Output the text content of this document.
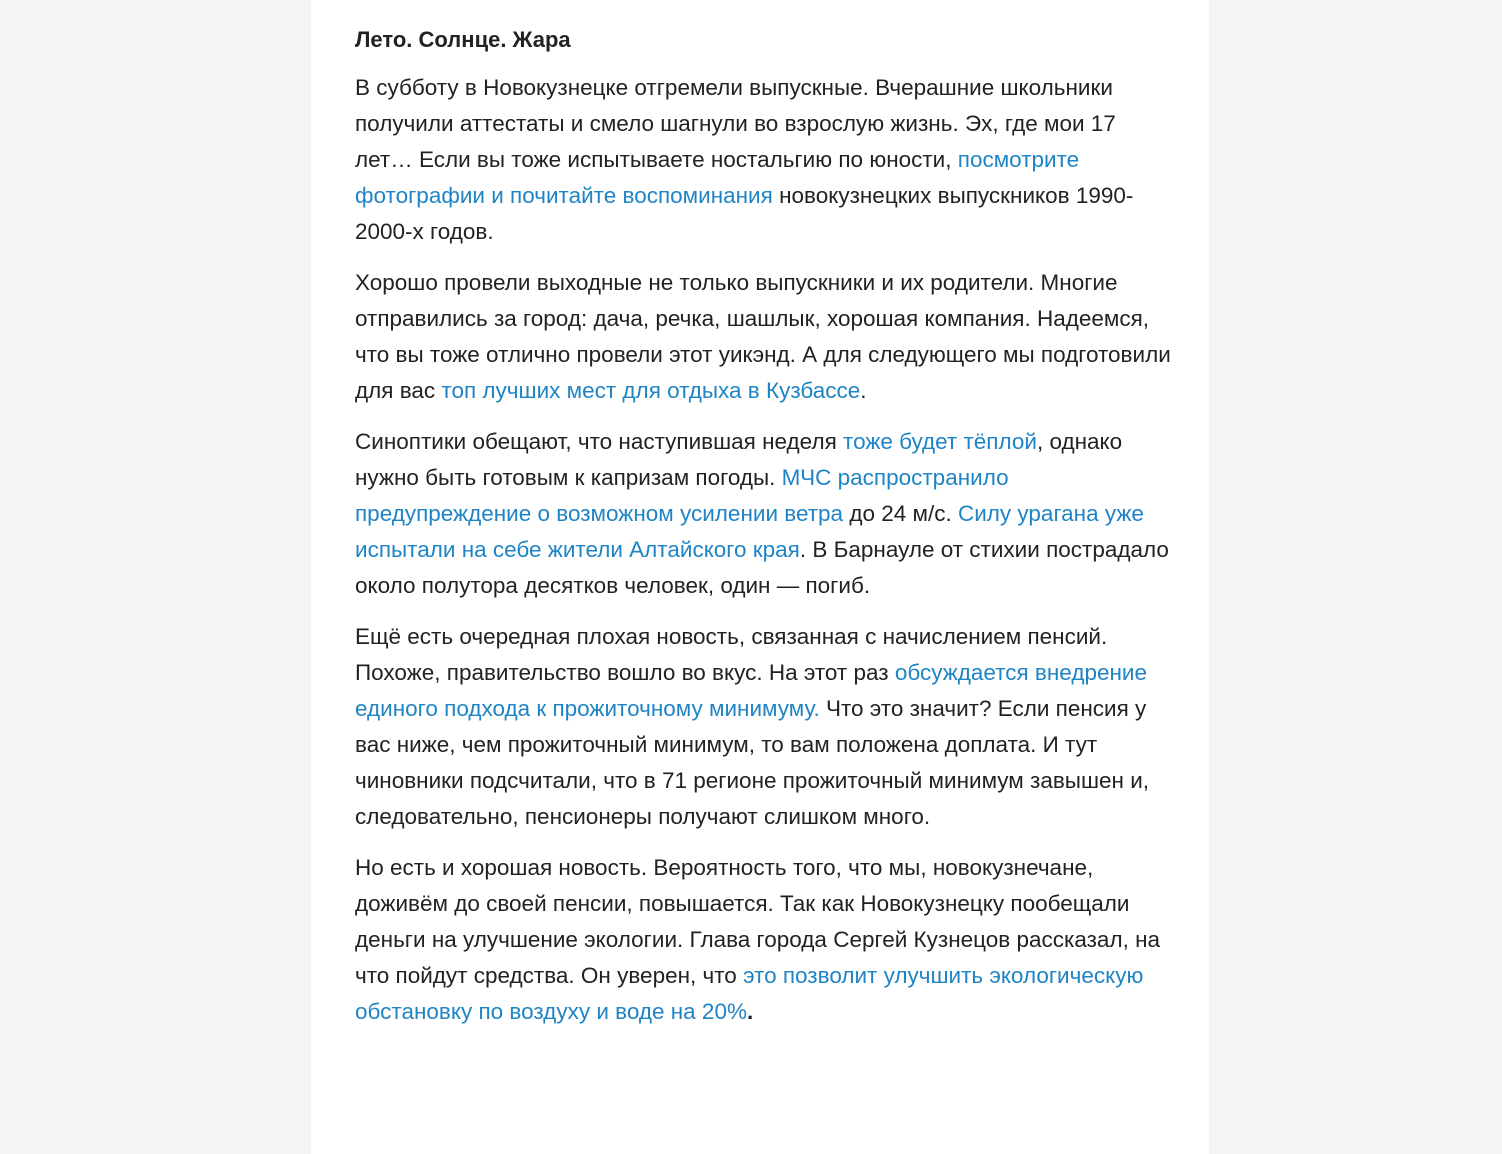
Лето. Солнце. Жара

В субботу в Новокузнецке отгремели выпускные. Вчерашние школьники получили аттестаты и смело шагнули во взрослую жизнь. Эх, где мои 17 лет… Если вы тоже испытываете ностальгию по юности, посмотрите фотографии и почитайте воспоминания новокузнецких выпускников 1990-2000-х годов.

Хорошо провели выходные не только выпускники и их родители. Многие отправились за город: дача, речка, шашлык, хорошая компания. Надеемся, что вы тоже отлично провели этот уикэнд. А для следующего мы подготовили для вас топ лучших мест для отдыха в Кузбассе.

Синоптики обещают, что наступившая неделя тоже будет тёплой, однако нужно быть готовым к капризам погоды. МЧС распространило предупреждение о возможном усилении ветра до 24 м/с. Силу урагана уже испытали на себе жители Алтайского края. В Барнауле от стихии пострадало около полутора десятков человек, один — погиб.

Ещё есть очередная плохая новость, связанная с начислением пенсий. Похоже, правительство вошло во вкус. На этот раз обсуждается внедрение единого подхода к прожиточному минимуму. Что это значит? Если пенсия у вас ниже, чем прожиточный минимум, то вам положена доплата. И тут чиновники подсчитали, что в 71 регионе прожиточный минимум завышен и, следовательно, пенсионеры получают слишком много.

Но есть и хорошая новость. Вероятность того, что мы, новокузнечане, доживём до своей пенсии, повышается. Так как Новокузнецку пообещали деньги на улучшение экологии. Глава города Сергей Кузнецов рассказал, на что пойдут средства. Он уверен, что это позволит улучшить экологическую обстановку по воздуху и воде на 20%.
